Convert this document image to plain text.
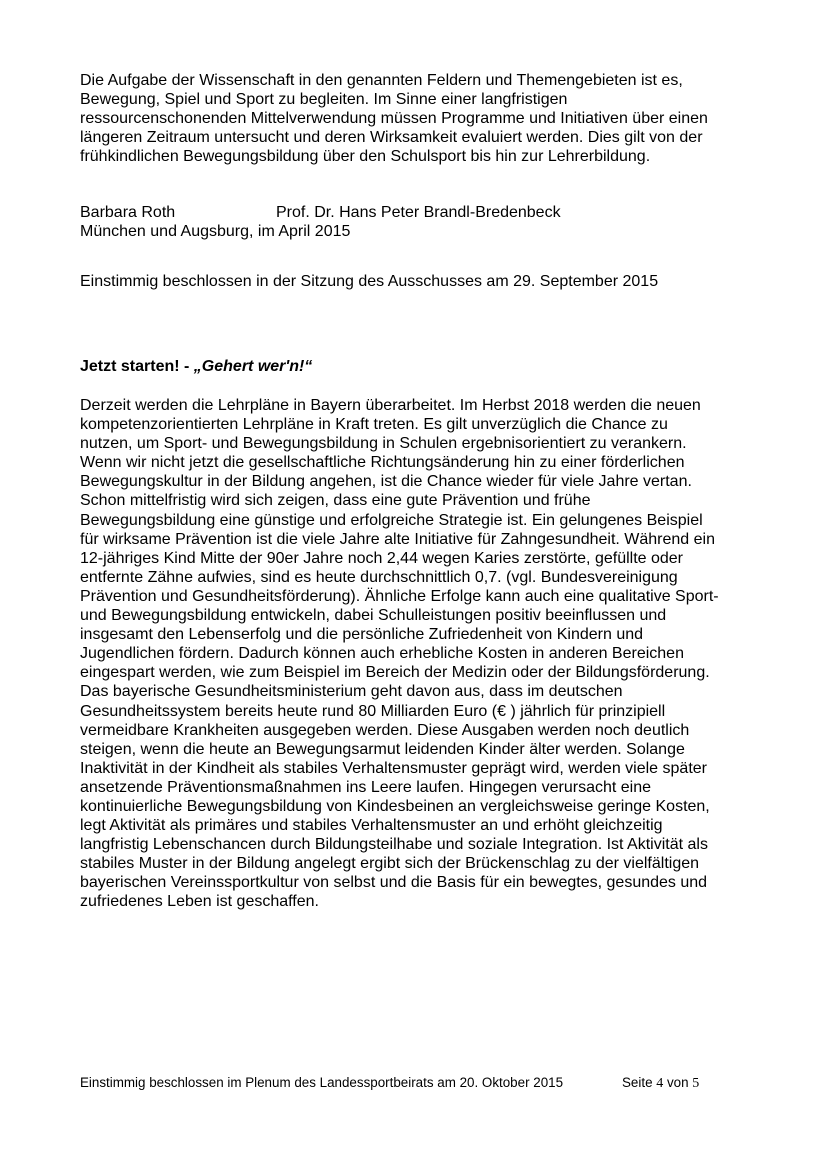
Die Aufgabe der Wissenschaft in den genannten Feldern und Themengebieten ist es,
Bewegung, Spiel und Sport zu begleiten. Im Sinne einer langfristigen
ressourcenschonenden Mittelverwendung müssen Programme und Initiativen über einen
längeren Zeitraum untersucht und deren Wirksamkeit evaluiert werden. Dies gilt von der
frühkindlichen Bewegungsbildung über den Schulsport bis hin zur Lehrerbildung.
Barbara Roth	Prof. Dr. Hans Peter Brandl-Bredenbeck
München und Augsburg, im April 2015
Einstimmig beschlossen in der Sitzung des Ausschusses am 29. September 2015
Jetzt starten! - „Gehert wer'n!“
Derzeit werden die Lehrpläne in Bayern überarbeitet. Im Herbst 2018 werden die neuen
kompetenzorientierten Lehrpläne in Kraft treten. Es gilt unverzüglich die Chance zu
nutzen, um Sport- und Bewegungsbildung in Schulen ergebnisorientiert zu verankern.
Wenn wir nicht jetzt die gesellschaftliche Richtungsänderung hin zu einer förderlichen
Bewegungskultur in der Bildung angehen, ist die Chance wieder für viele Jahre vertan.
Schon mittelfristig wird sich zeigen, dass eine gute Prävention und frühe
Bewegungsbildung eine günstige und erfolgreiche Strategie ist. Ein gelungenes Beispiel
für wirksame Prävention ist die viele Jahre alte Initiative für Zahngesundheit. Während ein
12-jähriges Kind Mitte der 90er Jahre noch 2,44 wegen Karies zerstörte, gefüllte oder
entfernte Zähne aufwies, sind es heute durchschnittlich 0,7. (vgl. Bundesvereinigung
Prävention und Gesundheitsförderung). Ähnliche Erfolge kann auch eine qualitative Sport-
und Bewegungsbildung entwickeln, dabei Schulleistungen positiv beeinflussen und
insgesamt den Lebenserfolg und die persönliche Zufriedenheit von Kindern und
Jugendlichen fördern. Dadurch können auch erhebliche Kosten in anderen Bereichen
eingespart werden, wie zum Beispiel im Bereich der Medizin oder der Bildungsförderung.
Das bayerische Gesundheitsministerium geht davon aus, dass im deutschen
Gesundheitssystem bereits heute rund 80 Milliarden Euro (€ ) jährlich für prinzipiell
vermeidbare Krankheiten ausgegeben werden. Diese Ausgaben werden noch deutlich
steigen, wenn die heute an Bewegungsarmut leidenden Kinder älter werden. Solange
Inaktivität in der Kindheit als stabiles Verhaltensmuster geprägt wird, werden viele später
ansetzende Präventionsmaßnahmen ins Leere laufen. Hingegen verursacht eine
kontinuierliche Bewegungsbildung von Kindesbeinen an vergleichsweise geringe Kosten,
legt Aktivität als primäres und stabiles Verhaltensmuster an und erhöht gleichzeitig
langfristig Lebenschancen durch Bildungsteilhabe und soziale Integration. Ist Aktivität als
stabiles Muster in der Bildung angelegt ergibt sich der Brückenschlag zu der vielfältigen
bayerischen Vereinssportkultur von selbst und die Basis für ein bewegtes, gesundes und
zufriedenes Leben ist geschaffen.
Einstimmig beschlossen im Plenum des Landessportbeirats am 20. Oktober 2015	Seite 4 von 5
